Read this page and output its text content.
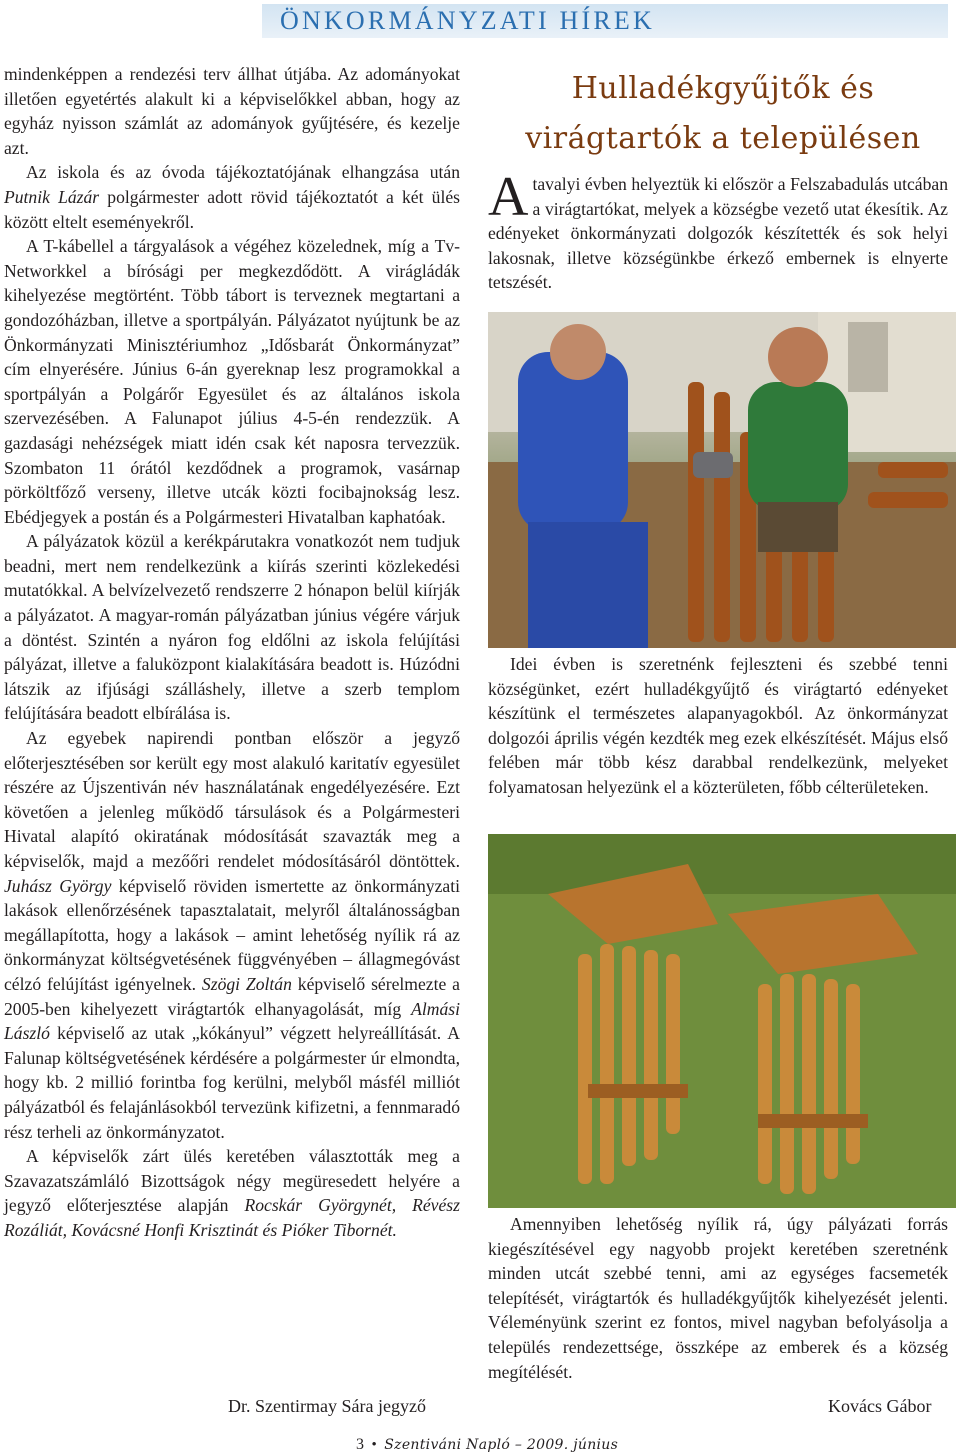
ÖNKORMÁNYZATI HÍREK

mindenképpen a rendezési terv állhat útjába. Az adományokat illetően egyetértés alakult ki a képviselőkkel abban, hogy az egyház nyisson számlát az adományok gyűjtésére, és kezelje azt.

Az iskola és az óvoda tájékoztatójának elhangzása után Putnik Lázár polgármester adott rövid tájékoztatót a két ülés között eltelt eseményekről.

A T-kábellel a tárgyalások a végéhez közelednek, míg a Tv-Networkkel a bírósági per megkezdődött. A virágládák kihelyezése megtörtént. Több tábort is terveznek megtartani a gondozóházban, illetve a sportpályán. Pályázatot nyújtunk be az Önkormányzati Minisztériumhoz „Idősbarát Önkormányzat” cím elnyerésére. Június 6-án gyereknap lesz programokkal a sportpályán a Polgárőr Egyesület és az általános iskola szervezésében. A Falunapot július 4-5-én rendezzük. A gazdasági nehézségek miatt idén csak két naposra tervezzük. Szombaton 11 órától kezdődnek a programok, vasárnap pörköltfőző verseny, illetve utcák közti focibajnokság lesz. Ebédjegyek a postán és a Polgármesteri Hivatalban kaphatóak.

A pályázatok közül a kerékpárutakra vonatkozót nem tudjuk beadni, mert nem rendelkezünk a kiírás szerinti közlekedési mutatókkal. A belvízelvezető rendszerre 2 hónapon belül kiírják a pályázatot. A magyar-román pályázatban június végére várjuk a döntést. Szintén a nyáron fog eldőlni az iskola felújítási pályázat, illetve a faluközpont kialakítására beadott is. Húzódni látszik az ifjúsági szálláshely, illetve a szerb templom felújítására beadott elbírálása is.

Az egyebek napirendi pontban először a jegyző előterjesztésében sor került egy most alakuló karitatív egyesület részére az Újszentiván név használatának engedélyezésére. Ezt követően a jelenleg működő társulások és a Polgármesteri Hivatal alapító okiratának módosítását szavazták meg a képviselők, majd a mezőőri rendelet módosításáról döntöttek. Juhász György képviselő röviden ismertette az önkormányzati lakások ellenőrzésének tapasztalatait, melyről általánosságban megállapította, hogy a lakások – amint lehetőség nyílik rá az önkormányzat költségvetésének függvényében – állagmegóvást célzó felújítást igényelnek. Szögi Zoltán képviselő sérelmezte a 2005-ben kihelyezett virágtartók elhanyagolását, míg Almási László képviselő az utak „kókányul” végzett helyreállítását. A Falunap költségvetésének kérdésére a polgármester úr elmondta, hogy kb. 2 millió forintba fog kerülni, melyből másfél milliót pályázatból és felajánlásokból tervezünk kifizetni, a fennmaradó rész terheli az önkormányzatot.

A képviselők zárt ülés keretében választották meg a Szavazatszámláló Bizottságok négy megüresedett helyére a jegyző előterjesztése alapján Rocskár Györgynét, Révész Rozáliát, Kovácsné Honfi Krisztinát és Pióker Tibornét.

Dr. Szentirmay Sára jegyző
Hulladékgyűjtők és
virágtartók a településen

Atavalyi évben helyeztük ki először a Felszabadulás utcában a virágtartókat, melyek a községbe vezető utat ékesítik. Az edényeket önkormányzati dolgozók készítették és sok helyi lakosnak, illetve községünkbe érkező embernek is elnyerte tetszését.

Idei évben is szeretnénk fejleszteni és szebbé tenni községünket, ezért hulladékgyűjtő és virágtartó edényeket készítünk el természetes alapanyagokból. Az önkormányzat dolgozói április végén kezdték meg ezek elkészítését. Május első felében már több kész darabbal rendelkezünk, melyeket folyamatosan helyezünk el a közterületen, főbb célterületeken.

Amennyiben lehetőség nyílik rá, úgy pályázati forrás kiegészítésével egy nagyobb projekt keretében szeretnénk minden utcát szebbé tenni, ami az egységes facsemeték telepítését, virágtartók és hulladékgyűjtők kihelyezését jelenti. Véleményünk szerint ez fontos, mivel nagyban befolyásolja a település rendezettsége, összképe az emberek és a község megítélését.

Kovács Gábor
3 • Szentiváni Napló – 2009. június
